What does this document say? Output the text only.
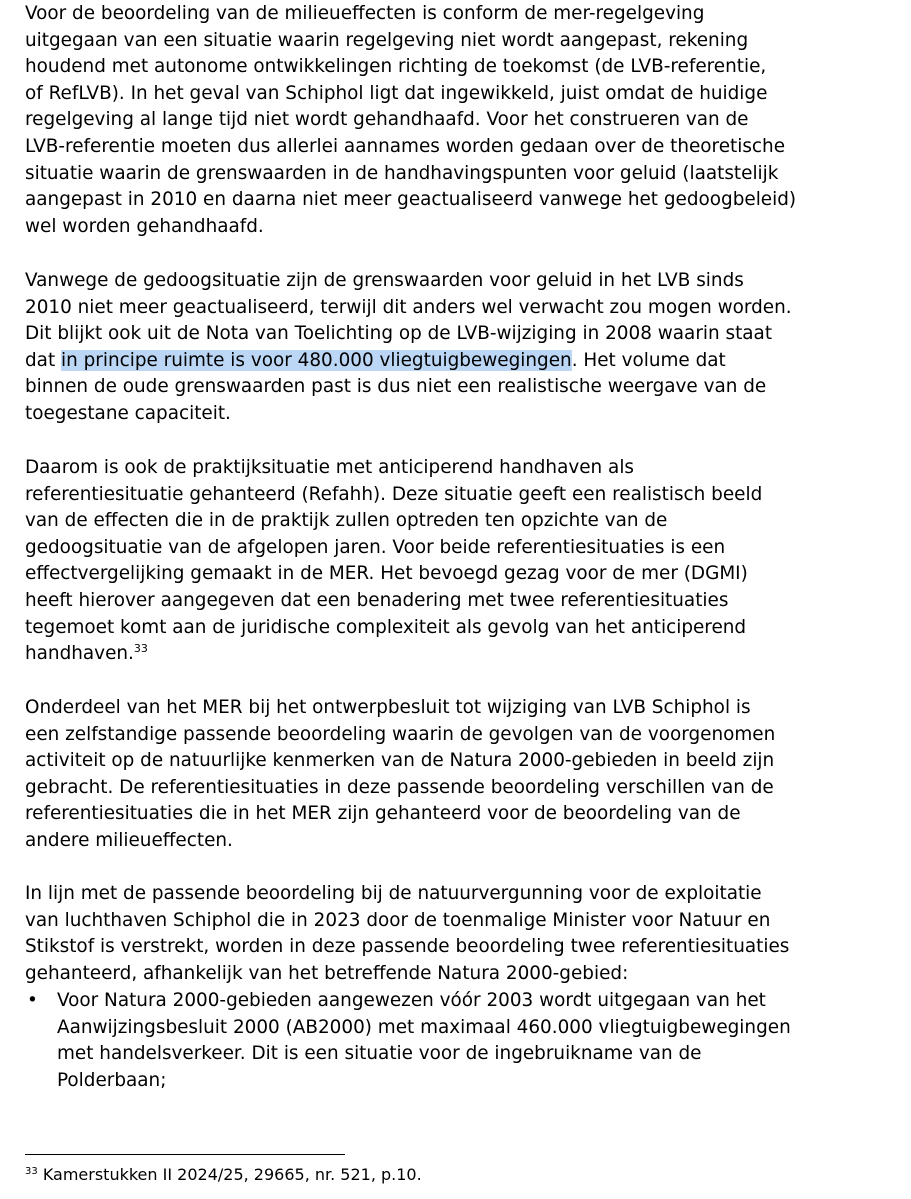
Voor de beoordeling van de milieueffecten is conform de mer-regelgeving
uitgegaan van een situatie waarin regelgeving niet wordt aangepast, rekening
houdend met autonome ontwikkelingen richting de toekomst (de LVB-referentie,
of RefLVB). In het geval van Schiphol ligt dat ingewikkeld, juist omdat de huidige
regelgeving al lange tijd niet wordt gehandhaafd. Voor het construeren van de
LVB-referentie moeten dus allerlei aannames worden gedaan over de theoretische
situatie waarin de grenswaarden in de handhavingspunten voor geluid (laatstelijk
aangepast in 2010 en daarna niet meer geactualiseerd vanwege het gedoogbeleid)
wel worden gehandhaafd.

Vanwege de gedoogsituatie zijn de grenswaarden voor geluid in het LVB sinds
2010 niet meer geactualiseerd, terwijl dit anders wel verwacht zou mogen worden.
Dit blijkt ook uit de Nota van Toelichting op de LVB-wijziging in 2008 waarin staat
dat in principe ruimte is voor 480.000 vliegtuigbewegingen. Het volume dat
binnen de oude grenswaarden past is dus niet een realistische weergave van de
toegestane capaciteit.

Daarom is ook de praktijksituatie met anticiperend handhaven als
referentiesituatie gehanteerd (Refahh). Deze situatie geeft een realistisch beeld
van de effecten die in de praktijk zullen optreden ten opzichte van de
gedoogsituatie van de afgelopen jaren. Voor beide referentiesituaties is een
effectvergelijking gemaakt in de MER. Het bevoegd gezag voor de mer (DGMI)
heeft hierover aangegeven dat een benadering met twee referentiesituaties
tegemoet komt aan de juridische complexiteit als gevolg van het anticiperend
handhaven.$^{33}$

Onderdeel van het MER bij het ontwerpbesluit tot wijziging van LVB Schiphol is
een zelfstandige passende beoordeling waarin de gevolgen van de voorgenomen
activiteit op de natuurlijke kenmerken van de Natura 2000-gebieden in beeld zijn
gebracht. De referentiesituaties in deze passende beoordeling verschillen van de
referentiesituaties die in het MER zijn gehanteerd voor de beoordeling van de
andere milieueffecten.

In lijn met de passende beoordeling bij de natuurvergunning voor de exploitatie
van luchthaven Schiphol die in 2023 door de toenmalige Minister voor Natuur en
Stikstof is verstrekt, worden in deze passende beoordeling twee referentiesituaties
gehanteerd, afhankelijk van het betreffende Natura 2000-gebied:

• Voor Natura 2000-gebieden aangewezen vóór 2003 wordt uitgegaan van het
Aanwijzingsbesluit 2000 (AB2000) met maximaal 460.000 vliegtuigbewegingen
met handelsverkeer. Dit is een situatie voor de ingebruikname van de
Polderbaan;
$^{33}$ Kamerstukken II 2024/25, 29665, nr. 521, p.10.
